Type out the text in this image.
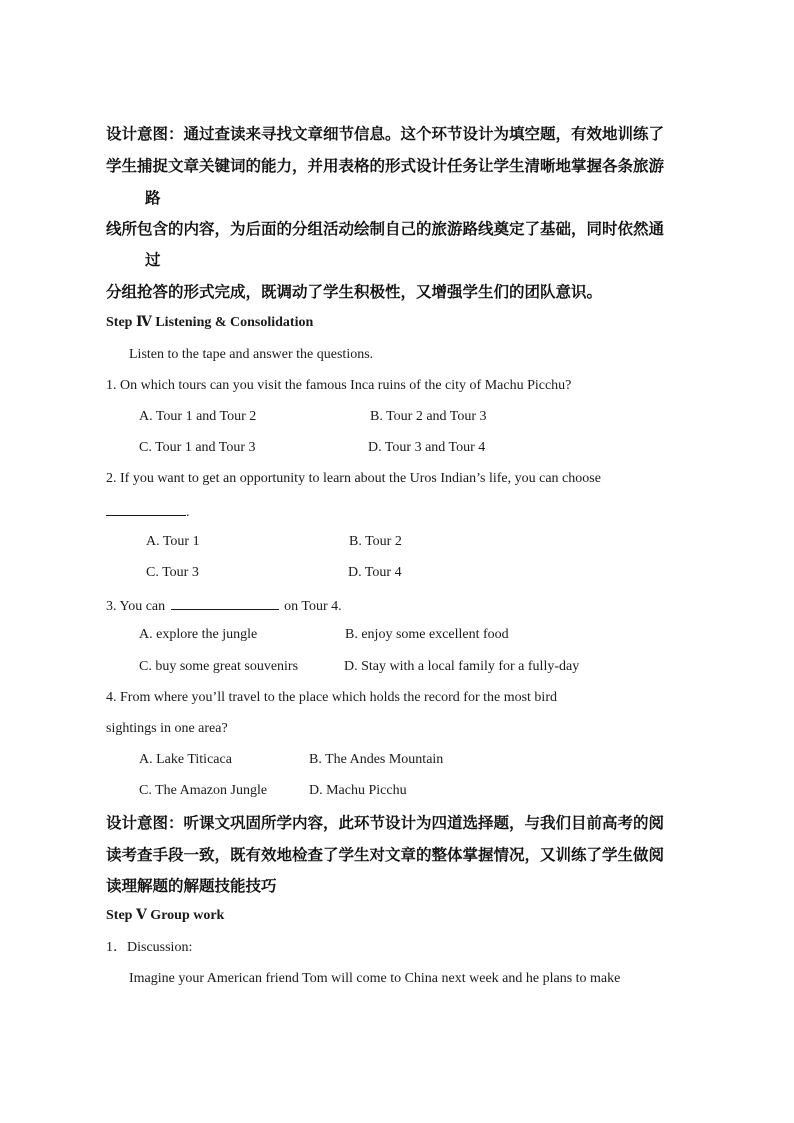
设计意图：通过查读来寻找文章细节信息。这个环节设计为填空题，有效地训练了
学生捕捉文章关键词的能力，并用表格的形式设计任务让学生清晰地掌握各条旅游
路
线所包含的内容，为后面的分组活动绘制自己的旅游路线奠定了基础，同时依然通
过
分组抢答的形式完成，既调动了学生积极性，又增强学生们的团队意识。
Step Ⅳ Listening & Consolidation
Listen to the tape and answer the questions.
1. On which tours can you visit the famous Inca ruins of the city of Machu Picchu?
A. Tour 1 and Tour 2	B. Tour 2 and Tour 3
C. Tour 1 and Tour 3	D. Tour 3 and Tour 4
2. If you want to get an opportunity to learn about the Uros Indian’s life, you can choose
.
A. Tour 1	B. Tour 2
C. Tour 3	D. Tour 4
3. You can	on Tour 4.
A. explore the jungle	B. enjoy some excellent food
C. buy some great souvenirs	D. Stay with a local family for a fully-day
4. From where you’ll travel to the place which holds the record for the most bird
sightings in one area?
A. Lake Titicaca	B. The Andes Mountain
C. The Amazon Jungle	D. Machu Picchu
设计意图：听课文巩固所学内容，此环节设计为四道选择题，与我们目前高考的阅
读考查手段一致，既有效地检查了学生对文章的整体掌握情况，又训练了学生做阅
读理解题的解题技能技巧
Step Ⅴ Group work
1．Discussion:
Imagine your American friend Tom will come to China next week and he plans to make
